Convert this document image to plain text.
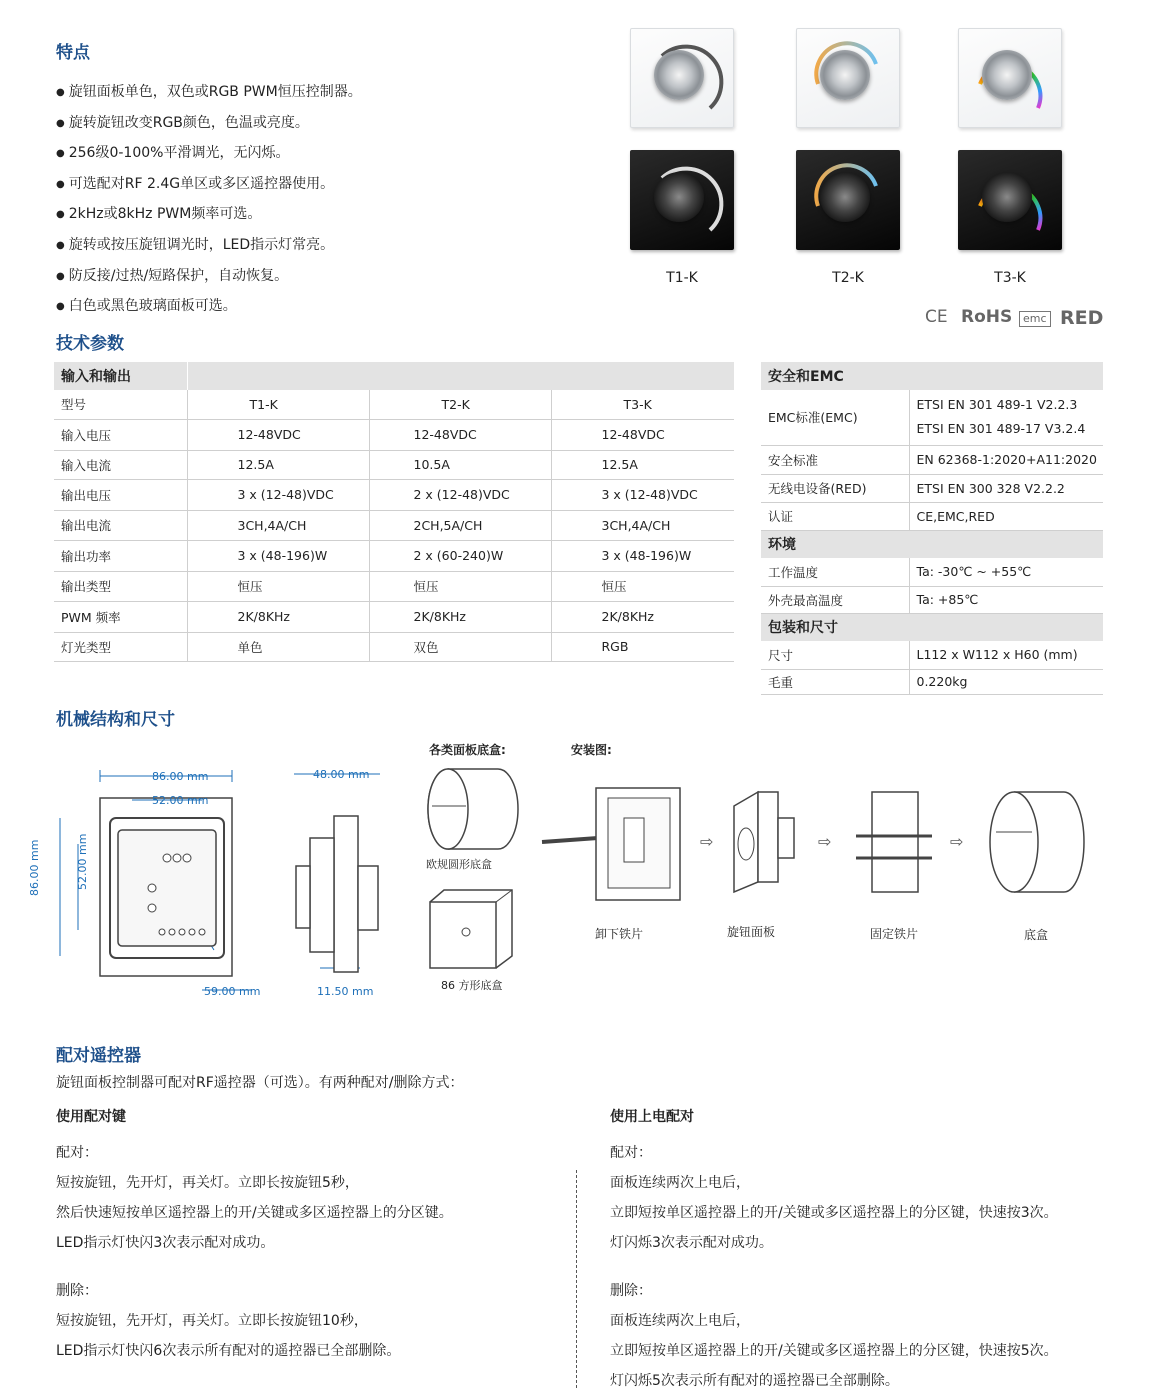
特点
● 旋钮面板单色，双色或RGB PWM恒压控制器。
● 旋转旋钮改变RGB颜色，色温或亮度。
● 256级0-100%平滑调光，无闪烁。
● 可选配对RF 2.4G单区或多区遥控器使用。
● 2kHz或8kHz PWM频率可选。
● 旋转或按压旋钮调光时，LED指示灯常亮。
● 防反接/过热/短路保护，自动恢复。
● 白色或黑色玻璃面板可选。
T1-K	T2-K	T3-K
CE RoHS emc RED
技术参数
输入和输出			
型号	T1-K	T2-K	T3-K
输入电压	12-48VDC	12-48VDC	12-48VDC
输入电流	12.5A	10.5A	12.5A
输出电压	3 x (12-48)VDC	2 x (12-48)VDC	3 x (12-48)VDC
输出电流	3CH,4A/CH	2CH,5A/CH	3CH,4A/CH
输出功率	3 x (48-196)W	2 x (60-240)W	3 x (48-196)W
输出类型	恒压	恒压	恒压
PWM 频率	2K/8KHz	2K/8KHz	2K/8KHz
灯光类型	单色	双色	RGB
安全和EMC	
EMC标准(EMC)	ETSI EN 301 489-1 V2.2.3
ETSI EN 301 489-17 V3.2.4

安全标准	EN 62368-1:2020+A11:2020
无线电设备(RED)	ETSI EN 300 328 V2.2.2
认证	CE,EMC,RED
环境	
工作温度	Ta: -30℃ ~ +55℃
外壳最高温度	Ta: +85℃
包装和尺寸	
尺寸	L112 x W112 x H60 (mm)
毛重	0.220kg
机械结构和尺寸
各类面板底盒:	安装图:
86.00 mm
52.00 mm
86.00 mm	52.00 mm
59.00 mm
48.00 mm
11.50 mm
欧规圆形底盒
86 方形底盒
卸下铁片
⇨
旋钮面板
⇨
固定铁片
⇨
底盒
配对遥控器
旋钮面板控制器可配对RF遥控器（可选）。有两种配对/删除方式：
使用配对键
配对：
短按旋钮，先开灯，再关灯。立即长按旋钮5秒，
然后快速短按单区遥控器上的开/关键或多区遥控器上的分区键。
LED指示灯快闪3次表示配对成功。
删除：
短按旋钮，先开灯，再关灯。立即长按旋钮10秒，
LED指示灯快闪6次表示所有配对的遥控器已全部删除。
使用上电配对
配对：
面板连续两次上电后，
立即短按单区遥控器上的开/关键或多区遥控器上的分区键，快速按3次。
灯闪烁3次表示配对成功。
删除：
面板连续两次上电后，
立即短按单区遥控器上的开/关键或多区遥控器上的分区键，快速按5次。
灯闪烁5次表示所有配对的遥控器已全部删除。
